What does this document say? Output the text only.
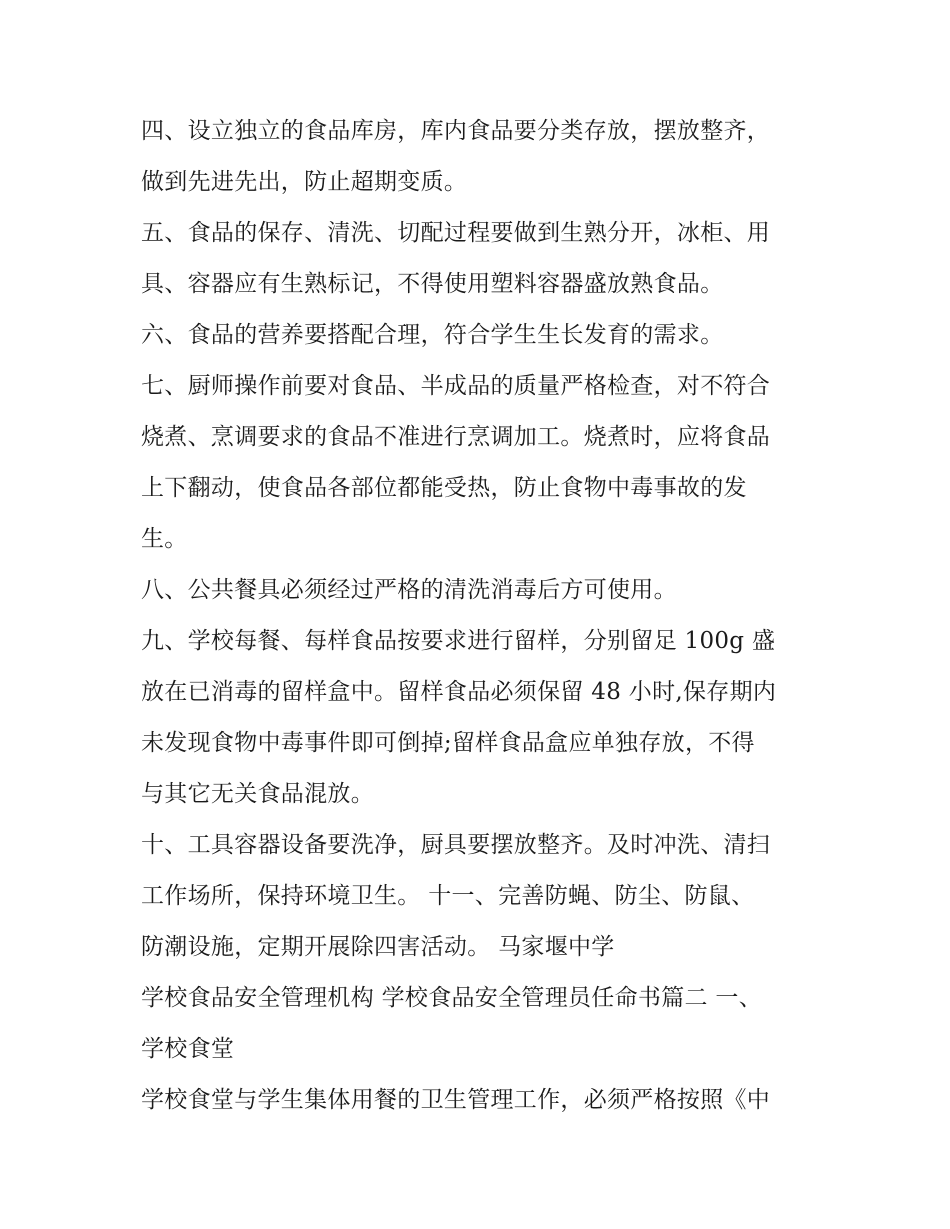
四、设立独立的食品库房，库内食品要分类存放，摆放整齐，
做到先进先出，防止超期变质。
五、食品的保存、清洗、切配过程要做到生熟分开，冰柜、用
具、容器应有生熟标记，不得使用塑料容器盛放熟食品。
六、食品的营养要搭配合理，符合学生生长发育的需求。
七、厨师操作前要对食品、半成品的质量严格检查，对不符合
烧煮、烹调要求的食品不准进行烹调加工。烧煮时，应将食品
上下翻动，使食品各部位都能受热，防止食物中毒事故的发
生。
八、公共餐具必须经过严格的清洗消毒后方可使用。
九、学校每餐、每样食品按要求进行留样，分别留足 100g 盛
放在已消毒的留样盒中。留样食品必须保留 48 小时,保存期内
未发现食物中毒事件即可倒掉;留样食品盒应单独存放，不得
与其它无关食品混放。
十、工具容器设备要洗净，厨具要摆放整齐。及时冲洗、清扫
工作场所，保持环境卫生。 十一、完善防蝇、防尘、防鼠、
防潮设施，定期开展除四害活动。 马家堰中学
学校食品安全管理机构 学校食品安全管理员任命书篇二 一、
学校食堂
学校食堂与学生集体用餐的卫生管理工作，必须严格按照《中
